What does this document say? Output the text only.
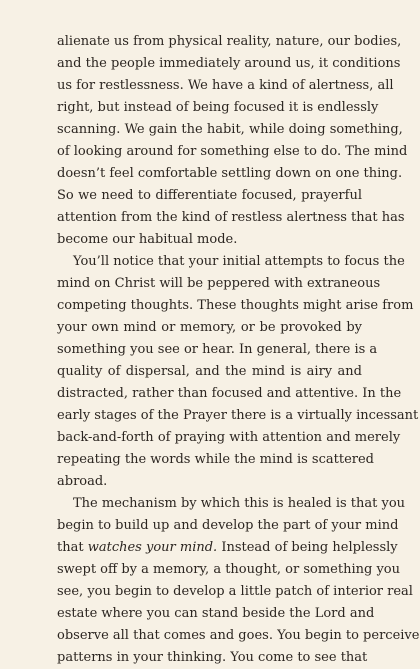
alienate us from physical reality, nature, our bodies,
and the people immediately around us, it conditions
us for restlessness. We have a kind of alertness, all
right, but instead of being focused it is endlessly
scanning. We gain the habit, while doing something,
of looking around for something else to do. The mind
doesn’t feel comfortable settling down on one thing.
So we need to differentiate focused, prayerful
attention from the kind of restless alertness that has
become our habitual mode.
You’ll notice that your initial attempts to focus the
mind on Christ will be peppered with extraneous
competing thoughts. These thoughts might arise from
your own mind or memory, or be provoked by
something you see or hear. In general, there is a
quality of dispersal, and the mind is airy and
distracted, rather than focused and attentive. In the
early stages of the Prayer there is a virtually incessant
back-and-forth of praying with attention and merely
repeating the words while the mind is scattered
abroad.
The mechanism by which this is healed is that you
begin to build up and develop the part of your mind
that watches your mind. Instead of being helplessly
swept off by a memory, a thought, or something you
see, you begin to develop a little patch of interior real
estate where you can stand beside the Lord and
observe all that comes and goes. You begin to perceive
patterns in your thinking. You come to see that
